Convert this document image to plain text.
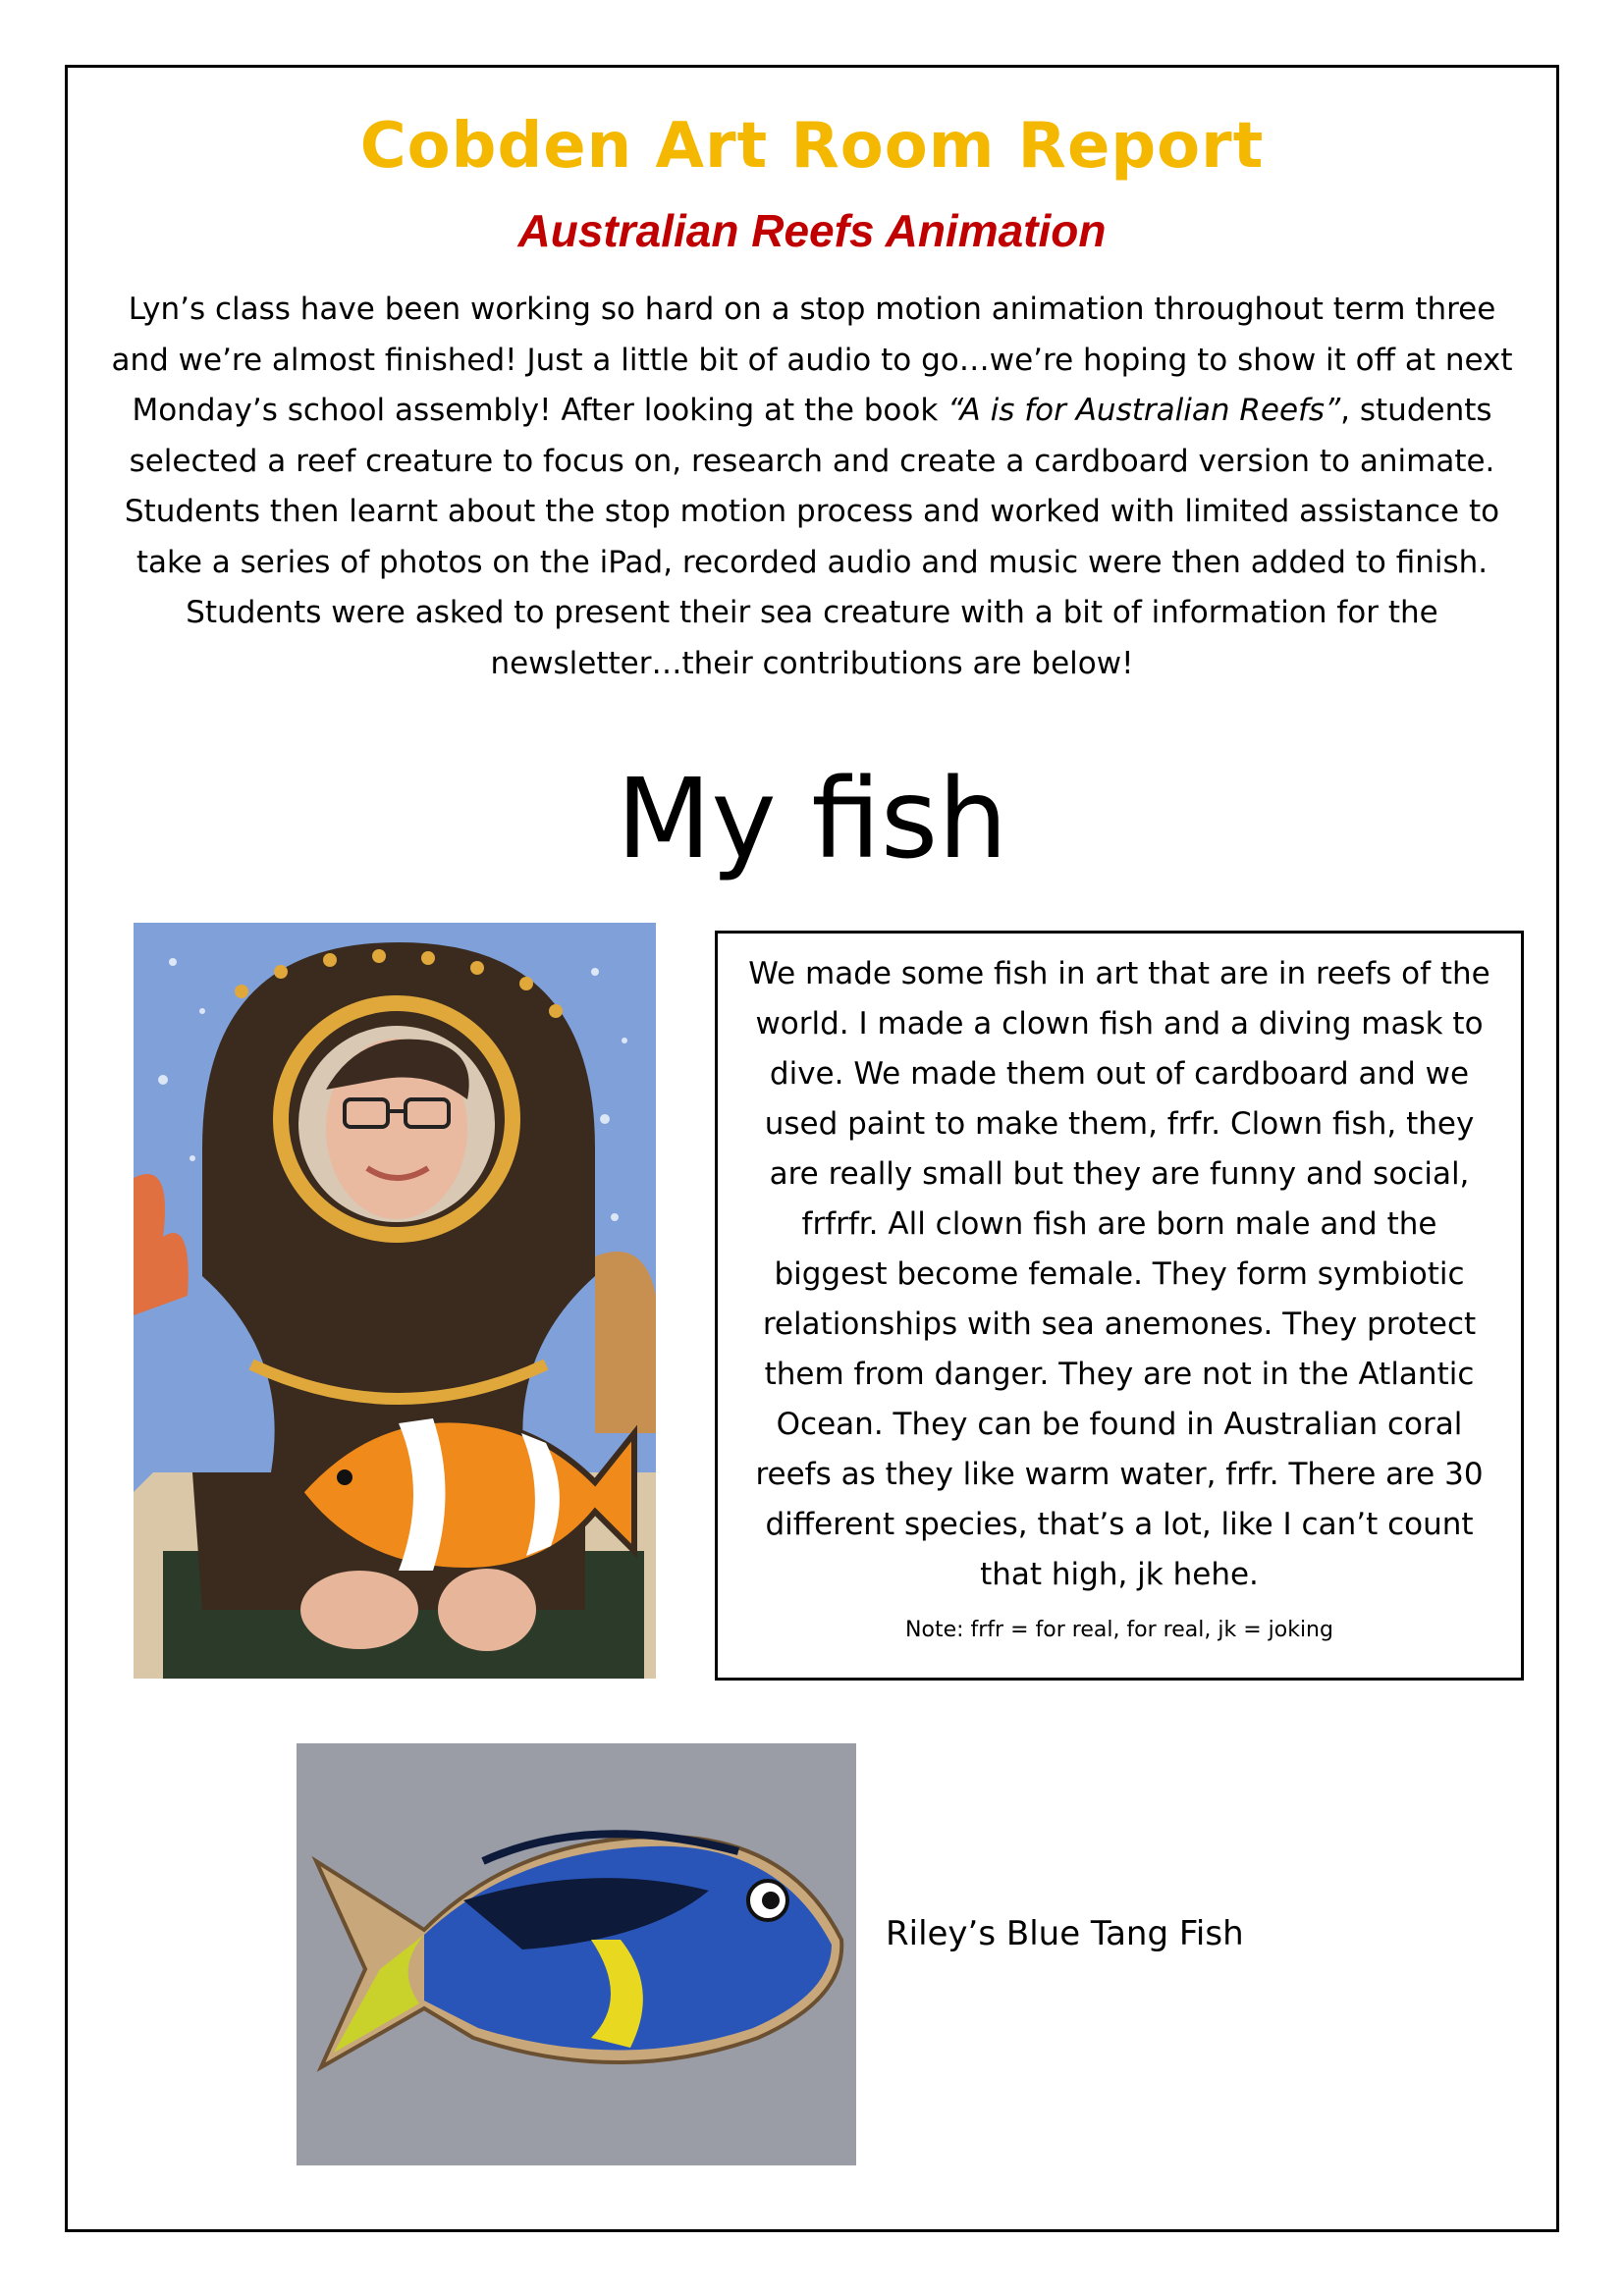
Cobden Art Room Report
Australian Reefs Animation
Lyn’s class have been working so hard on a stop motion animation throughout term three and we’re almost finished! Just a little bit of audio to go…we’re hoping to show it off at next Monday’s school assembly! After looking at the book “A is for Australian Reefs”, students selected a reef creature to focus on, research and create a cardboard version to animate. Students then learnt about the stop motion process and worked with limited assistance to take a series of photos on the iPad, recorded audio and music were then added to finish. Students were asked to present their sea creature with a bit of information for the newsletter…their contributions are below!
My fish
We made some fish in art that are in reefs of the world. I made a clown fish and a diving mask to dive. We made them out of cardboard and we used paint to make them, frfr. Clown fish, they are really small but they are funny and social, frfrfr. All clown fish are born male and the biggest become female. They form symbiotic relationships with sea anemones. They protect them from danger. They are not in the Atlantic Ocean. They can be found in Australian coral reefs as they like warm water, frfr. There are 30 different species, that’s a lot, like I can’t count that high, jk hehe.
Note: frfr = for real, for real, jk = joking
Riley’s Blue Tang Fish
